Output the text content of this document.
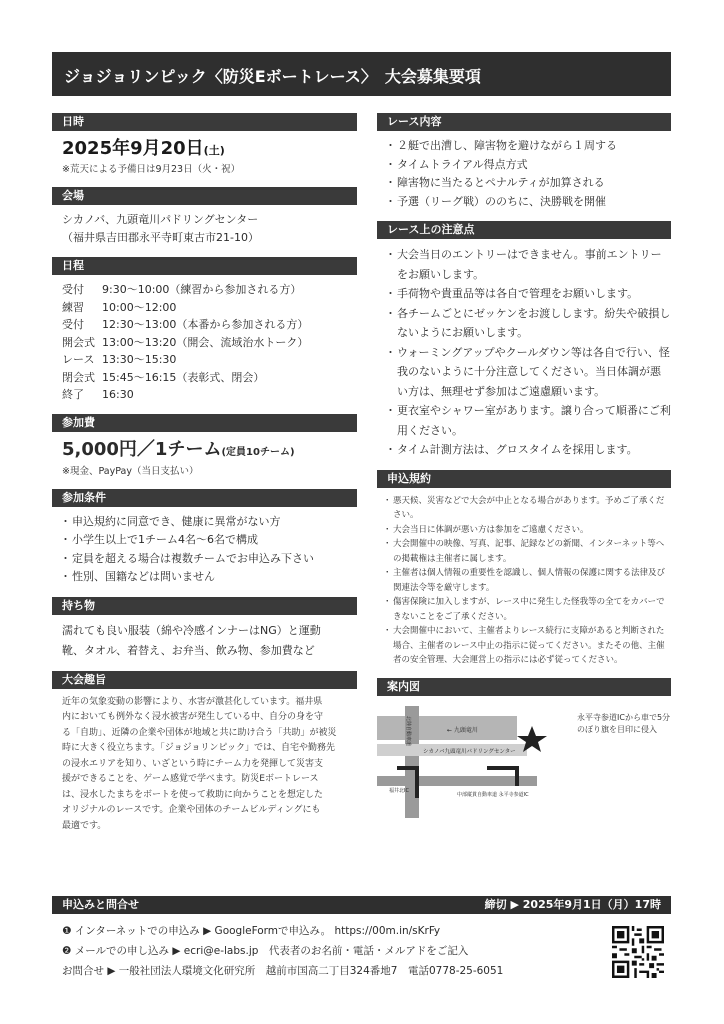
ジョジョリンピック〈防災Eボートレース〉　大会募集要項
日時
2025年9月20日(土)
※荒天による予備日は9月23日（火・祝）
会場
シカノバ、九頭竜川パドリングセンター
（福井県吉田郡永平寺町東古市21-10）
日程
受付	9:30〜10:00（練習から参加される方）
練習	10:00〜12:00
受付	12:30〜13:00（本番から参加される方）
開会式 13:00〜13:20（開会、流域治水トーク）
レース 13:30〜15:30
閉会式 15:45〜16:15（表彰式、閉会）
終了	16:30
参加費
5,000円／1チーム(定員10チーム)
※現金、PayPay（当日支払い）
参加条件
・ 申込規約に同意でき、健康に異常がない方
・ 小学生以上で1チーム4名〜6名で構成
・ 定員を超える場合は複数チームでお申込み下さい
・ 性別、国籍などは問いません
持ち物
濡れても良い服装（綿や冷感インナーはNG）と運動
靴、タオル、着替え、お弁当、飲み物、参加費など
大会趣旨
近年の気象変動の影響により、水害が激甚化しています。福井県
内においても例外なく浸水被害が発生している中、自分の身を守
る「自助」、近隣の企業や団体が地域と共に助け合う「共助」が被災
時に大きく役立ちます。「ジョジョリンピック」では、自宅や勤務先
の浸水エリアを知り、いざという時にチーム力を発揮して災害支
援ができることを、ゲーム感覚で学べます。防災Eボートレース
は、浸水したまちをボートを使って救助に向かうことを想定した
オリジナルのレースです。企業や団体のチームビルディングにも
最適です。
レース内容
・ ２艇で出漕し、障害物を避けながら１周する
・ タイムトライアル得点方式
・ 障害物に当たるとペナルティが加算される
・ 予選（リーグ戦）ののちに、決勝戦を開催
レース上の注意点
・ 大会当日のエントリーはできません。事前エントリーをお願いします。
・ 手荷物や貴重品等は各自で管理をお願いします。
・ 各チームごとにゼッケンをお渡しします。紛失や破損しないようにお願いします。
・ ウォーミングアップやクールダウン等は各自で行い、怪我のないように十分注意してください。当日体調が悪い方は、無理せず参加はご遠慮願います。
・ 更衣室やシャワー室があります。譲り合って順番にご利用ください。
・ タイム計測方法は、グロスタイムを採用します。
申込規約
・ 悪天候、災害などで大会が中止となる場合があります。予めご了承ください。
・ 大会当日に体調が悪い方は参加をご遠慮ください。
・ 大会開催中の映像、写真、記事、記録などの新聞、インターネット等への掲載権は主催者に属します。
・ 主催者は個人情報の重要性を認識し、個人情報の保護に関する法律及び関連法令等を厳守します。
・ 傷害保険に加入しますが、レース中に発生した怪我等の全てをカバーできないことをご了承ください。
・ 大会開催中において、主催者よりレース続行に支障があると判断された場合、主催者のレース中止の指示に従ってください。またその他、主催者の安全管理、大会運営上の指示には必ず従ってください。
案内図
← 九頭竜川
シカノバ九頭竜川パドリングセンター
北陸自動車道
福井北IC
中部縦貫自動車道 永平寺参道IC
永平寺参道ICから車で5分のぼり旗を目印に侵入
申込みと問合せ	締切 ▶ 2025年9月1日（月）17時
❶ インターネットでの申込み ▶ GoogleFormで申込み。 https://00m.in/sKrFy
❷ メールでの申し込み ▶ ecri@e-labs.jp　代表者のお名前・電話・メルアドをご記入
お問合せ ▶ 一般社団法人環境文化研究所　越前市国高二丁目324番地7　電話0778-25-6051
